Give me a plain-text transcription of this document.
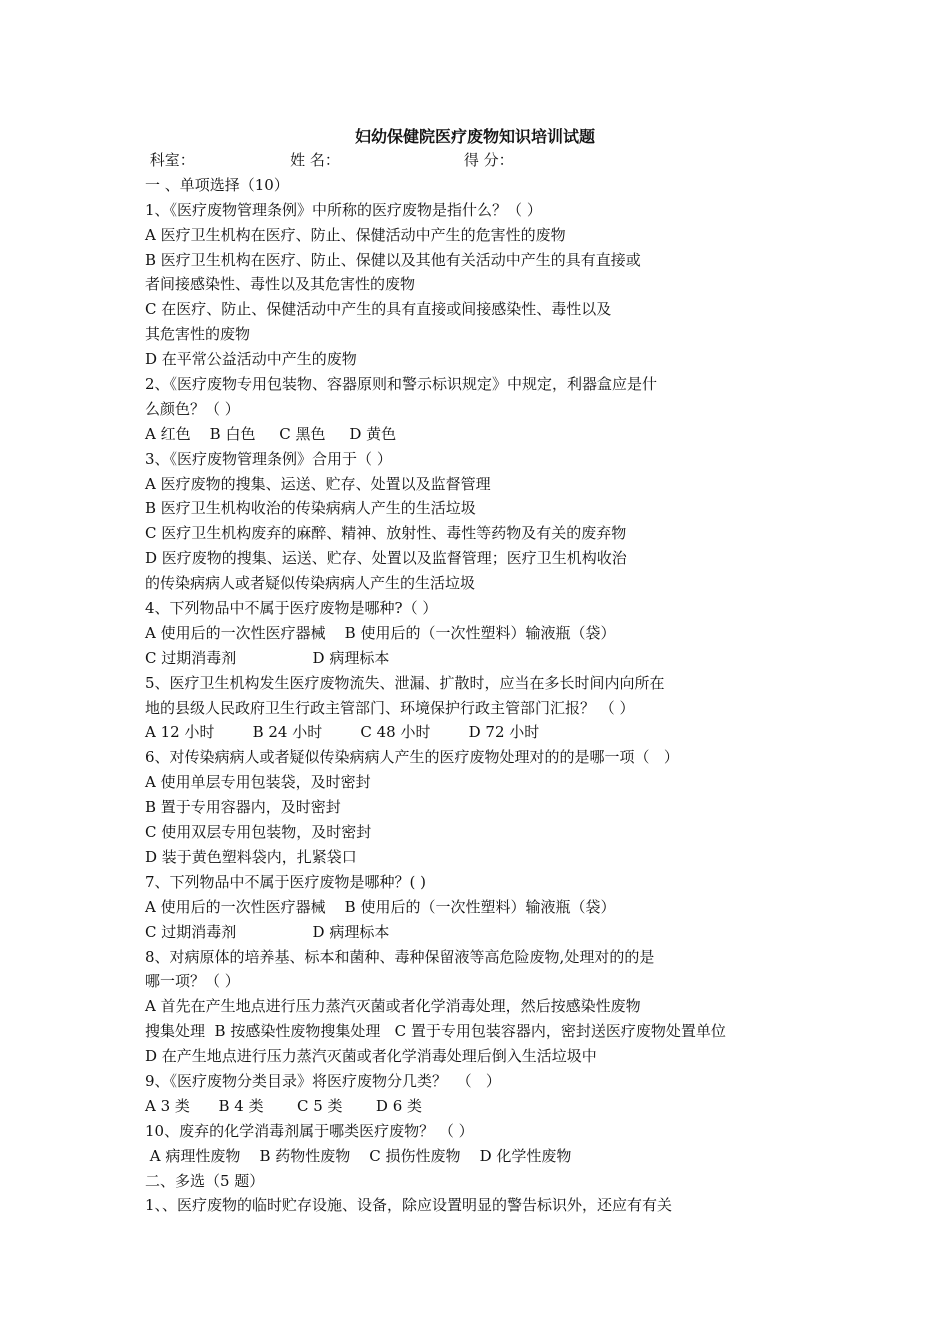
妇幼保健院医疗废物知识培训试题
科室：                    姓 名：                          得 分：
一 、单项选择（10）
1、《医疗废物管理条例》中所称的医疗废物是指什么？（ ）
A 医疗卫生机构在医疗、防止、保健活动中产生的危害性的废物
B 医疗卫生机构在医疗、防止、保健以及其他有关活动中产生的具有直接或
者间接感染性、毒性以及其危害性的废物
C 在医疗、防止、保健活动中产生的具有直接或间接感染性、毒性以及
其危害性的废物
D 在平常公益活动中产生的废物
2、《医疗废物专用包装物、容器原则和警示标识规定》中规定，利器盒应是什
么颜色？（ ）
A 红色    B 白色     C 黑色     D 黄色
3、《医疗废物管理条例》合用于（ ）
A 医疗废物的搜集、运送、贮存、处置以及监督管理
B 医疗卫生机构收治的传染病病人产生的生活垃圾
C 医疗卫生机构废弃的麻醉、精神、放射性、毒性等药物及有关的废弃物
D 医疗废物的搜集、运送、贮存、处置以及监督管理；医疗卫生机构收治
的传染病病人或者疑似传染病病人产生的生活垃圾
4、下列物品中不属于医疗废物是哪种?（ ）
A 使用后的一次性医疗器械    B 使用后的（一次性塑料）输液瓶（袋）
C 过期消毒剂                D 病理标本
5、医疗卫生机构发生医疗废物流失、泄漏、扩散时，应当在多长时间内向所在
地的县级人民政府卫生行政主管部门、环境保护行政主管部门汇报？ （ ）
A 12 小时        B 24 小时        C 48 小时        D 72 小时
6、对传染病病人或者疑似传染病病人产生的医疗废物处理对的的是哪一项（   ）
A 使用单层专用包装袋，及时密封
B 置于专用容器内，及时密封
C 使用双层专用包装物，及时密封
D 装于黄色塑料袋内，扎紧袋口
7、下列物品中不属于医疗废物是哪种？( )
A 使用后的一次性医疗器械    B 使用后的（一次性塑料）输液瓶（袋）
C 过期消毒剂                D 病理标本
8、对病原体的培养基、标本和菌种、毒种保留液等高危险废物,处理对的的是
哪一项？（ ）
A 首先在产生地点进行压力蒸汽灭菌或者化学消毒处理，然后按感染性废物
搜集处理  B 按感染性废物搜集处理   C 置于专用包装容器内，密封送医疗废物处置单位
D 在产生地点进行压力蒸汽灭菌或者化学消毒处理后倒入生活垃圾中
9、《医疗废物分类目录》将医疗废物分几类？  （   ）
A 3 类      B 4 类       C 5 类       D 6 类
10、废弃的化学消毒剂属于哪类医疗废物？ （ ）
A 病理性废物    B 药物性废物    C 损伤性废物    D 化学性废物
二、多选（5 题）
1、、医疗废物的临时贮存设施、设备，除应设置明显的警告标识外，还应有有关
